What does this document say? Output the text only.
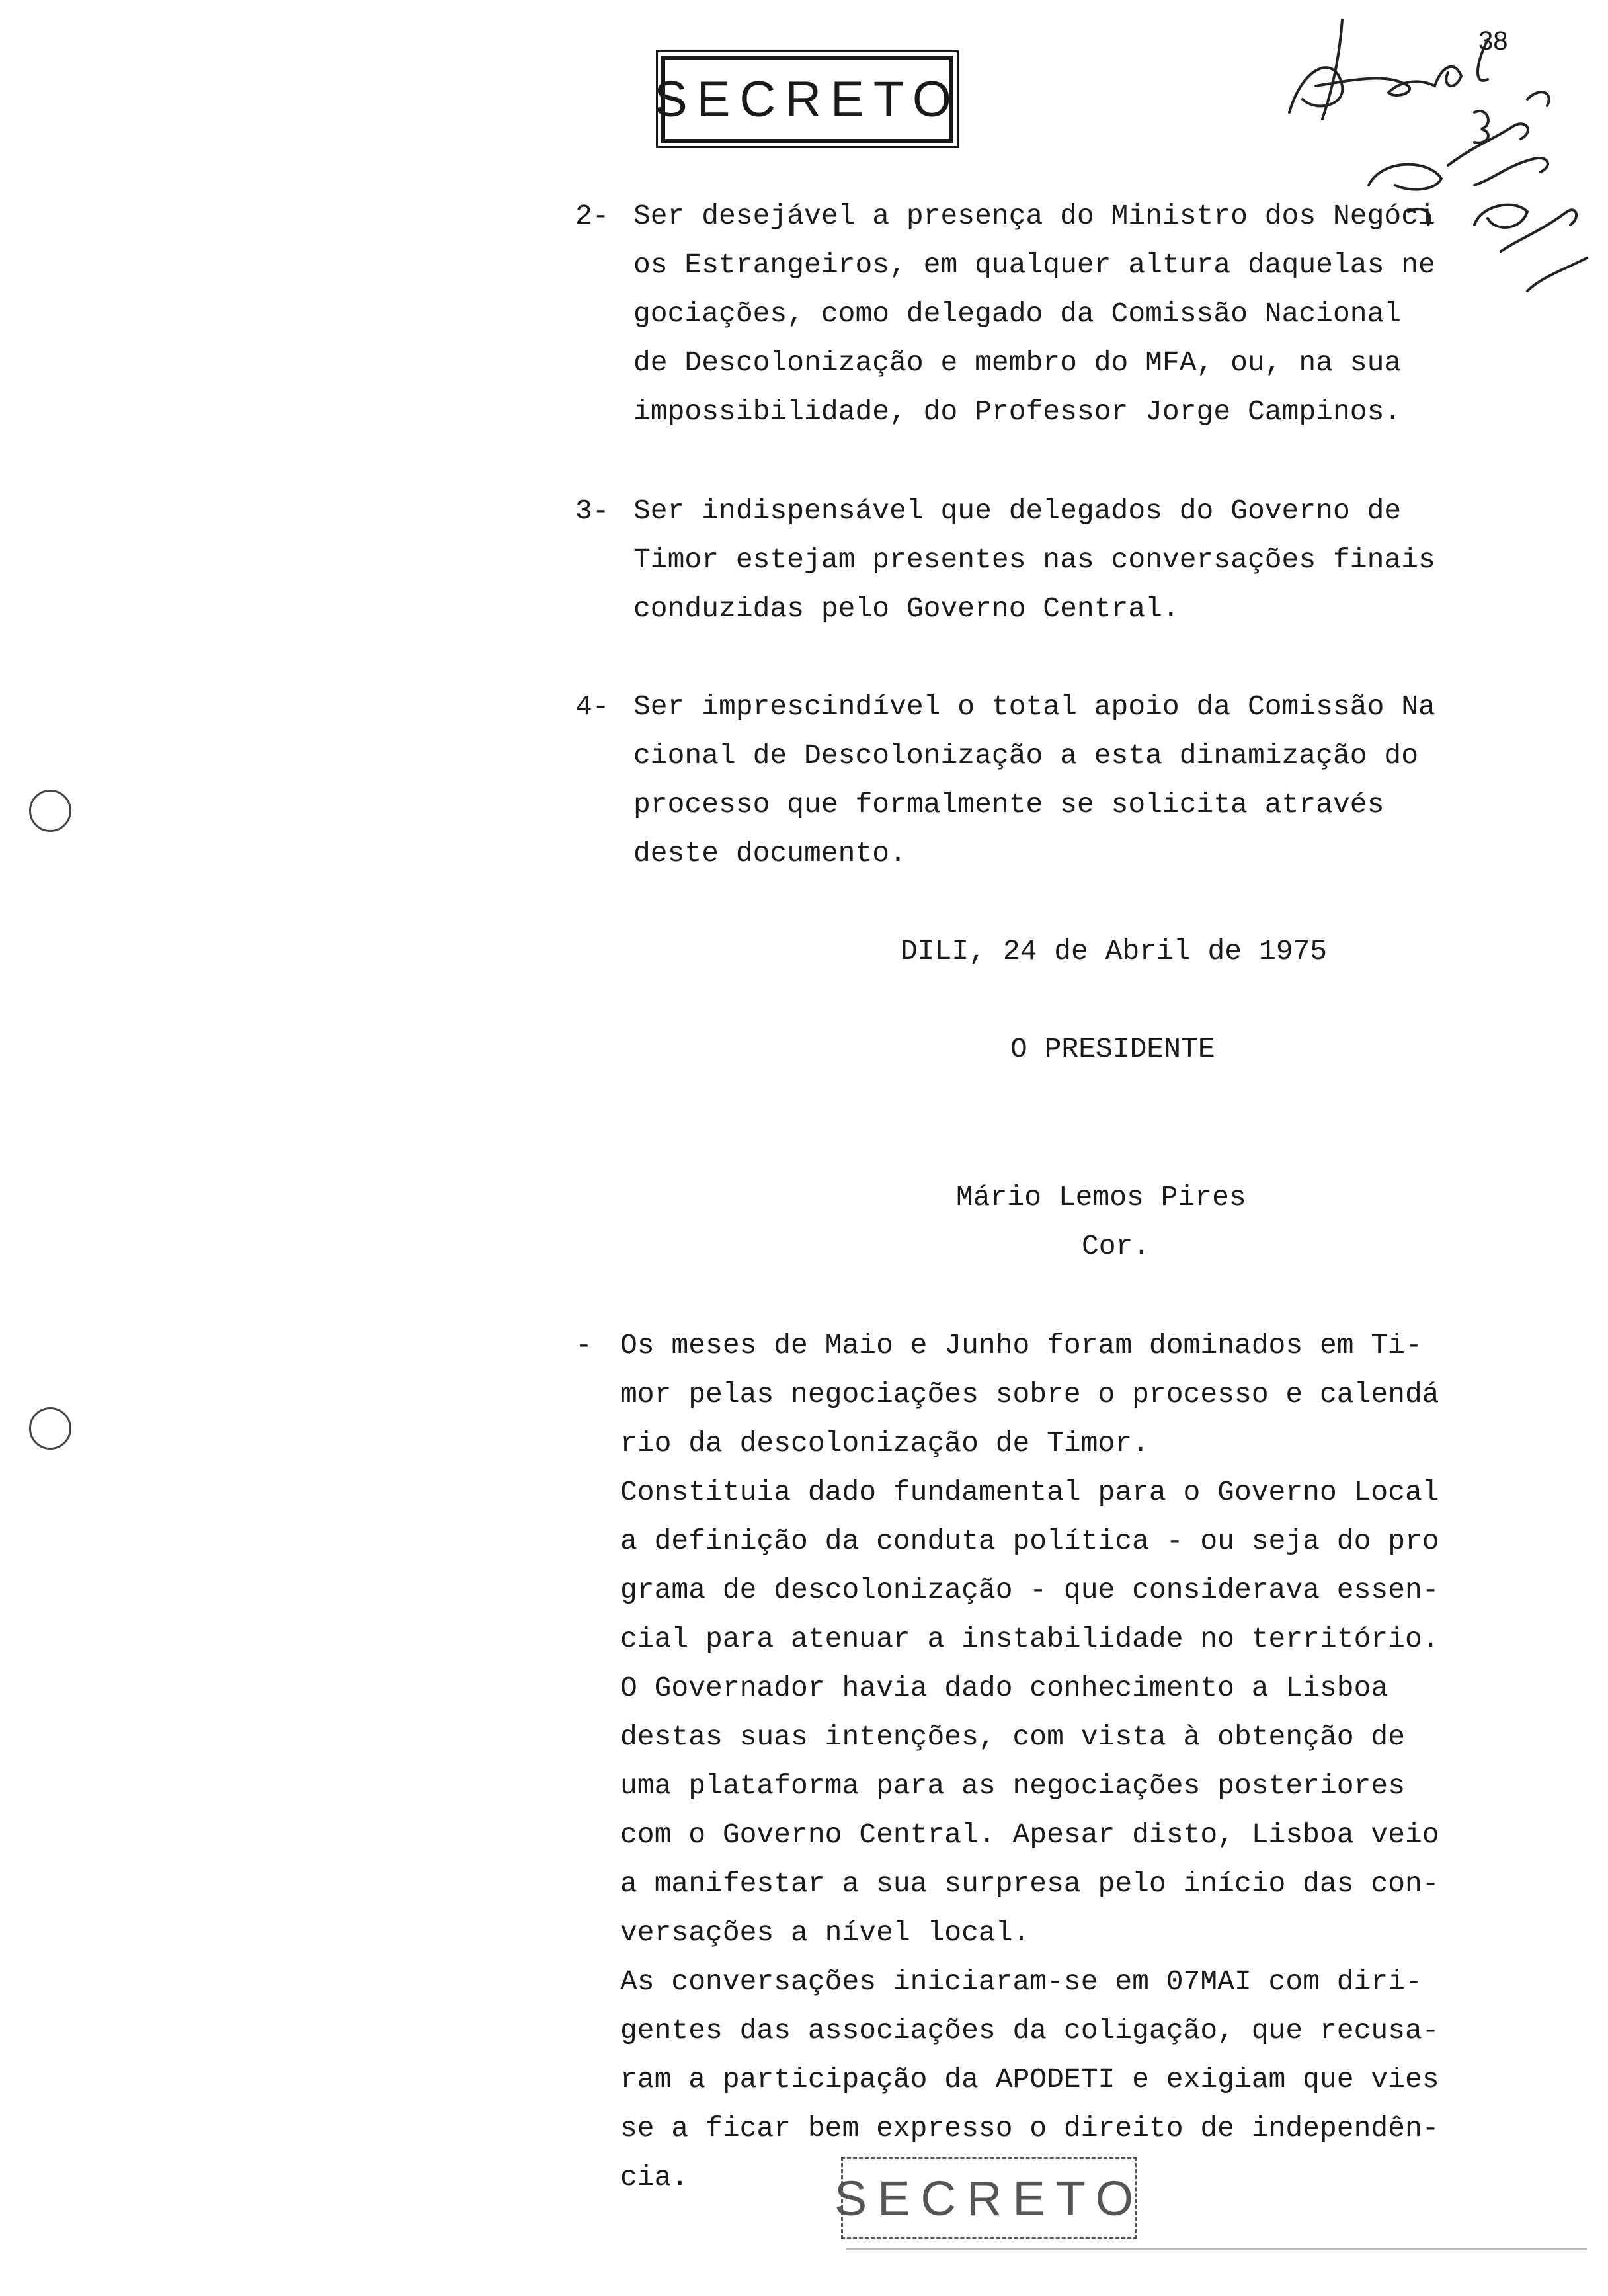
SECRETO
38
2- Ser desejável a presença do Ministro dos Negóci
os Estrangeiros, em qualquer altura daquelas ne
gociações, como delegado da Comissão Nacional
de Descolonização e membro do MFA, ou, na sua
impossibilidade, do Professor Jorge Campinos.
3- Ser indispensável que delegados do Governo de
Timor estejam presentes nas conversações finais
conduzidas pelo Governo Central.
4- Ser imprescindível o total apoio da Comissão Na
cional de Descolonização a esta dinamização do
processo que formalmente se solicita através
deste documento.
DILI, 24 de Abril de 1975
O PRESIDENTE
Mário Lemos Pires
Cor.
- Os meses de Maio e Junho foram dominados em Ti-
mor pelas negociações sobre o processo e calendá
rio da descolonização de Timor.
Constituia dado fundamental para o Governo Local
a definição da conduta política - ou seja do pro
grama de descolonização - que considerava essen-
cial para atenuar a instabilidade no território.
O Governador havia dado conhecimento a Lisboa
destas suas intenções, com vista à obtenção de
uma plataforma para as negociações posteriores
com o Governo Central. Apesar disto, Lisboa veio
a manifestar a sua surpresa pelo início das con-
versações a nível local.
As conversações iniciaram-se em 07MAI com diri-
gentes das associações da coligação, que recusa-
ram a participação da APODETI e exigiam que vies
se a ficar bem expresso o direito de independên-
cia.	SECRETO
